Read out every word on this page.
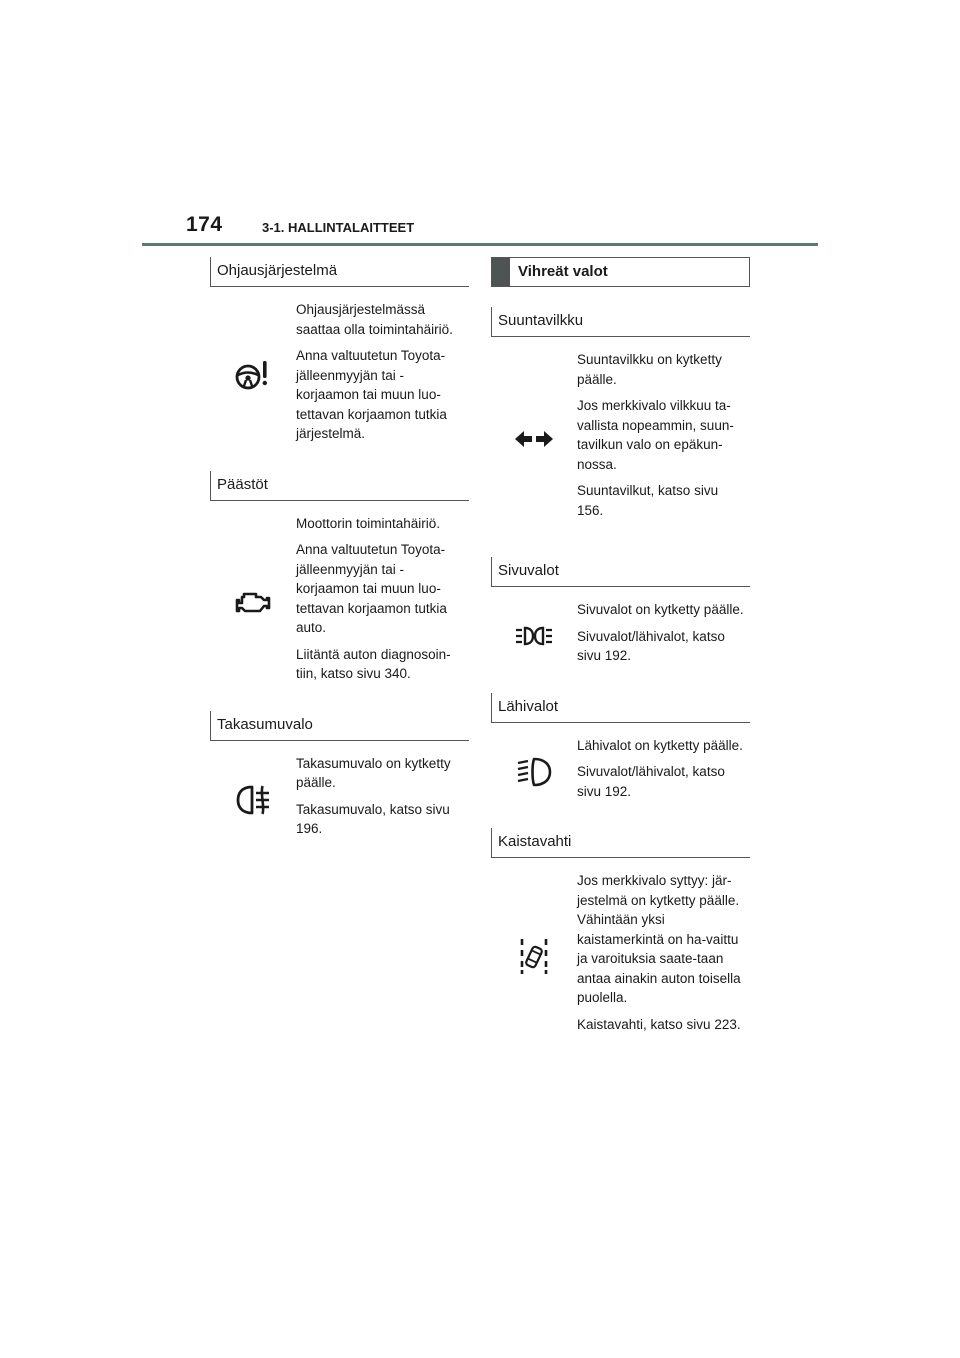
174	3-1. HALLINTALAITTEET
Ohjausjärjestelmä

Ohjausjärjestelmässä saattaa olla toimintahäiriö.

Anna valtuutetun Toyota-jälleenmyyjän tai -korjaamon tai muun luo-tettavan korjaamon tutkia järjestelmä.

Päästöt

Moottorin toimintahäiriö.

Anna valtuutetun Toyota-jälleenmyyjän tai -korjaamon tai muun luo-tettavan korjaamon tutkia auto.

Liitäntä auton diagnosoin-tiin, katso sivu 340.

Takasumuvalo

Takasumuvalo on kytketty päälle.

Takasumuvalo, katso sivu 196.

Vihreät valot
Suuntavilkku

Suuntavilkku on kytketty päälle.

Jos merkkivalo vilkkuu ta-vallista nopeammin, suun-tavilkun valo on epäkun-nossa.

Suuntavilkut, katso sivu 156.

Sivuvalot

Sivuvalot on kytketty päälle.

Sivuvalot/lähivalot, katso sivu 192.

Lähivalot

Lähivalot on kytketty päälle.

Sivuvalot/lähivalot, katso sivu 192.

Kaistavahti

Jos merkkivalo syttyy: jär-jestelmä on kytketty päälle. Vähintään yksi kaistamerkintä on ha-vaittu ja varoituksia saate-taan antaa ainakin auton toisella puolella.

Kaistavahti, katso sivu 223.
